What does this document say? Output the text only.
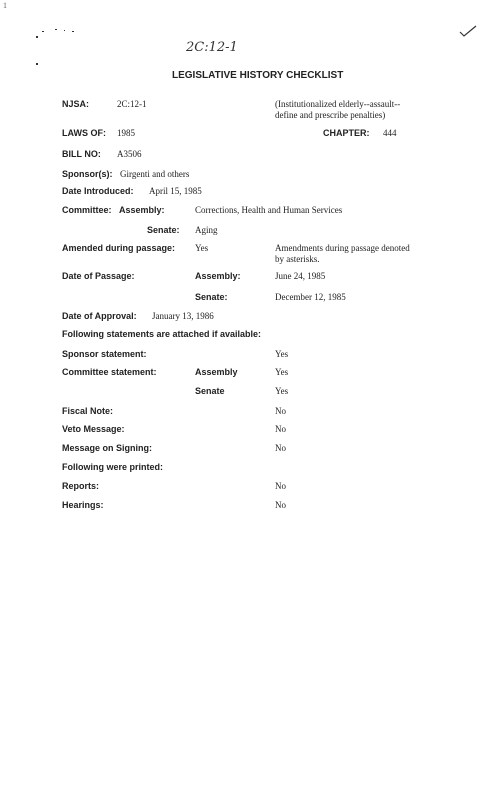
1
2C:12-1
LEGISLATIVE HISTORY CHECKLIST
NJSA:	2C:12-1	(Institutionalized elderly--assault--
define and prescribe penalties)
LAWS OF: 1985	CHAPTER: 444
BILL NO: A3506
Sponsor(s): Girgenti and others
Date Introduced: April 15, 1985
Committee: Assembly:	Corrections, Health and Human Services
Senate: Aging
Amended during passage: Yes	Amendments during passage denoted
by asterisks.
Date of Passage:	Assembly:	June 24, 1985
Senate:	December 12, 1985
Date of Approval: January 13, 1986
Following statements are attached if available:
Sponsor statement:	Yes
Committee statement:	Assembly	Yes
Senate	Yes
Fiscal Note:	No
Veto Message:	No
Message on Signing:	No
Following were printed:
Reports:	No
Hearings:	No
